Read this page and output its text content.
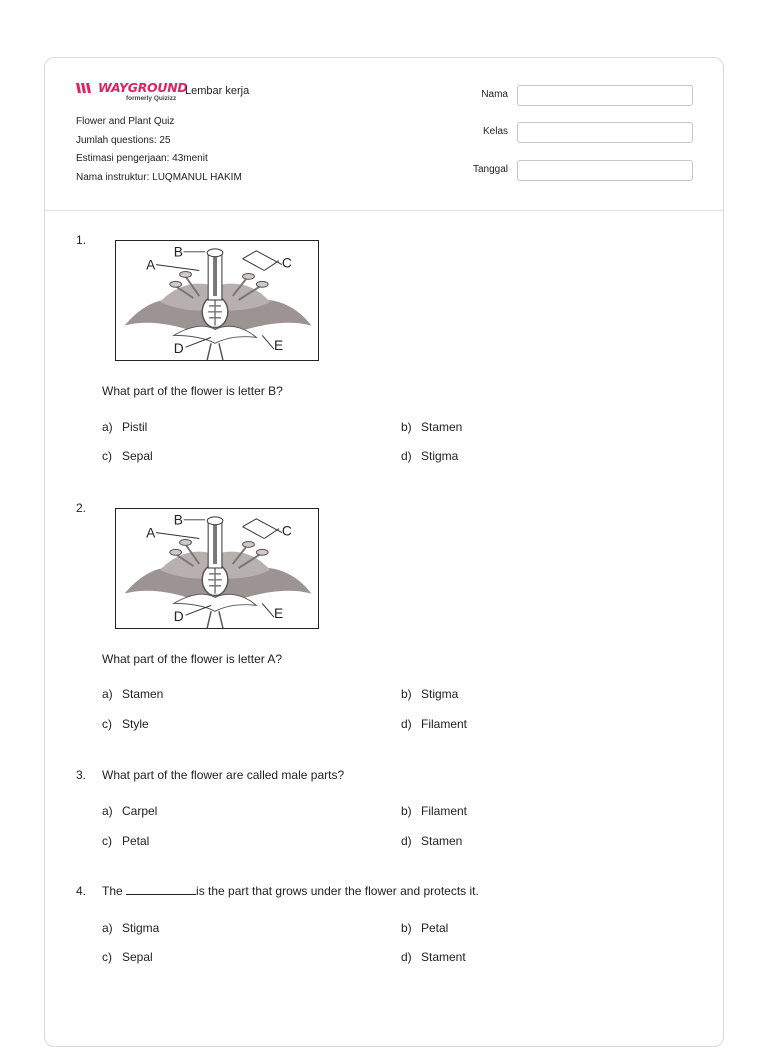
WAYGROUND
formerly Quizizz
Lembar kerja
Flower and Plant Quiz
Jumlah questions: 25
Estimasi pengerjaan: 43menit
Nama instruktur: LUQMANUL HAKIM
Nama
Kelas
Tanggal
1.
A
B
C
D	E
What part of the flower is letter B?
a) Pistil	b) Stamen
c) Sepal	d) Stigma
2.
A
B
C
D	E
What part of the flower is letter A?
a) Stamen	b) Stigma
c) Style	d) Filament
3. What part of the flower are called male parts?
a) Carpel	b) Filament
c) Petal	d) Stamen
4. The	is the part that grows under the flower and protects it.
a) Stigma	b) Petal
c) Sepal	d) Stament
